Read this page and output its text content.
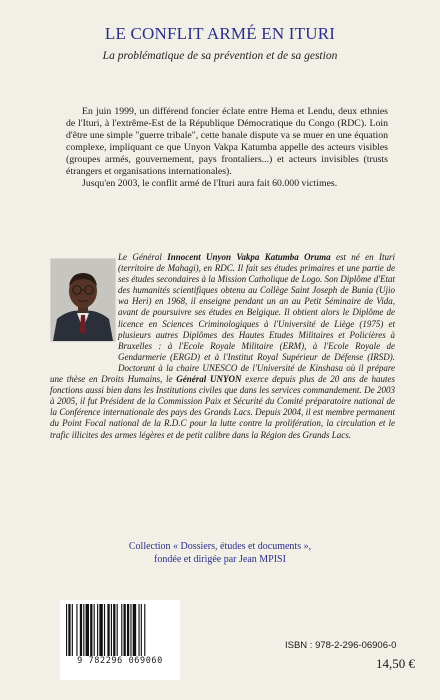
LE CONFLIT ARMÉ EN ITURI
La problématique de sa prévention et de sa gestion

En juin 1999, un différend foncier éclate entre Hema et Lendu, deux ethnies de l'Ituri, à l'extrême-Est de la République Démocratique du Congo (RDC). Loin d'être une simple "guerre tribale", cette banale dispute va se muer en une équation complexe, impliquant ce que Unyon Vakpa Katumba appelle des acteurs visibles (groupes armés, gouvernement, pays frontaliers...) et acteurs invisibles (trusts étrangers et organisations internationales).

Jusqu'en 2003, le conflit armé de l'Ituri aura fait 60.000 victimes.

Le Général Innocent Unyon Vakpa Katumba Oruma est né en Ituri (territoire de Mahagi), en RDC. Il fait ses études primaires et une partie de ses études secondaires à la Mission Catholique de Logo. Son Diplôme d'Etat des humanités scientifiques obtenu au Collège Saint Joseph de Bunia (Ujio wa Heri) en 1968, il enseigne pendant un an au Petit Séminaire de Vida, avant de poursuivre ses études en Belgique. Il obtient alors le Diplôme de licence en Sciences Criminologiques à l'Université de Liège (1975) et plusieurs autres Diplômes des Hautes Etudes Militaires et Policières à Bruxelles : à l'Ecole Royale Militaire (ERM), à l'Ecole Royale de Gendarmerie (ERGD) et à l'Institut Royal Supérieur de Défense (IRSD). Doctorant à la chaire UNESCO de l'Université de Kinshasa où il prépare une thèse en Droits Humains, le Général UNYON exerce depuis plus de 20 ans de hautes fonctions aussi bien dans les Institutions civiles que dans les services commandement. De 2003 à 2005, il fut Président de la Commission Paix et Sécurité du Comité préparatoire national de la Conférence internationale des pays des Grands Lacs. Depuis 2004, il est membre permanent du Point Focal national de la R.D.C pour la lutte contre la prolifération, la circulation et le trafic illicites des armes légères et de petit calibre dans la Région des Grands Lacs.
Collection « Dossiers, études et documents »,
fondée et dirigée par Jean MPISI
9 782296 069060
ISBN : 978-2-296-06906-0
14,50 €
